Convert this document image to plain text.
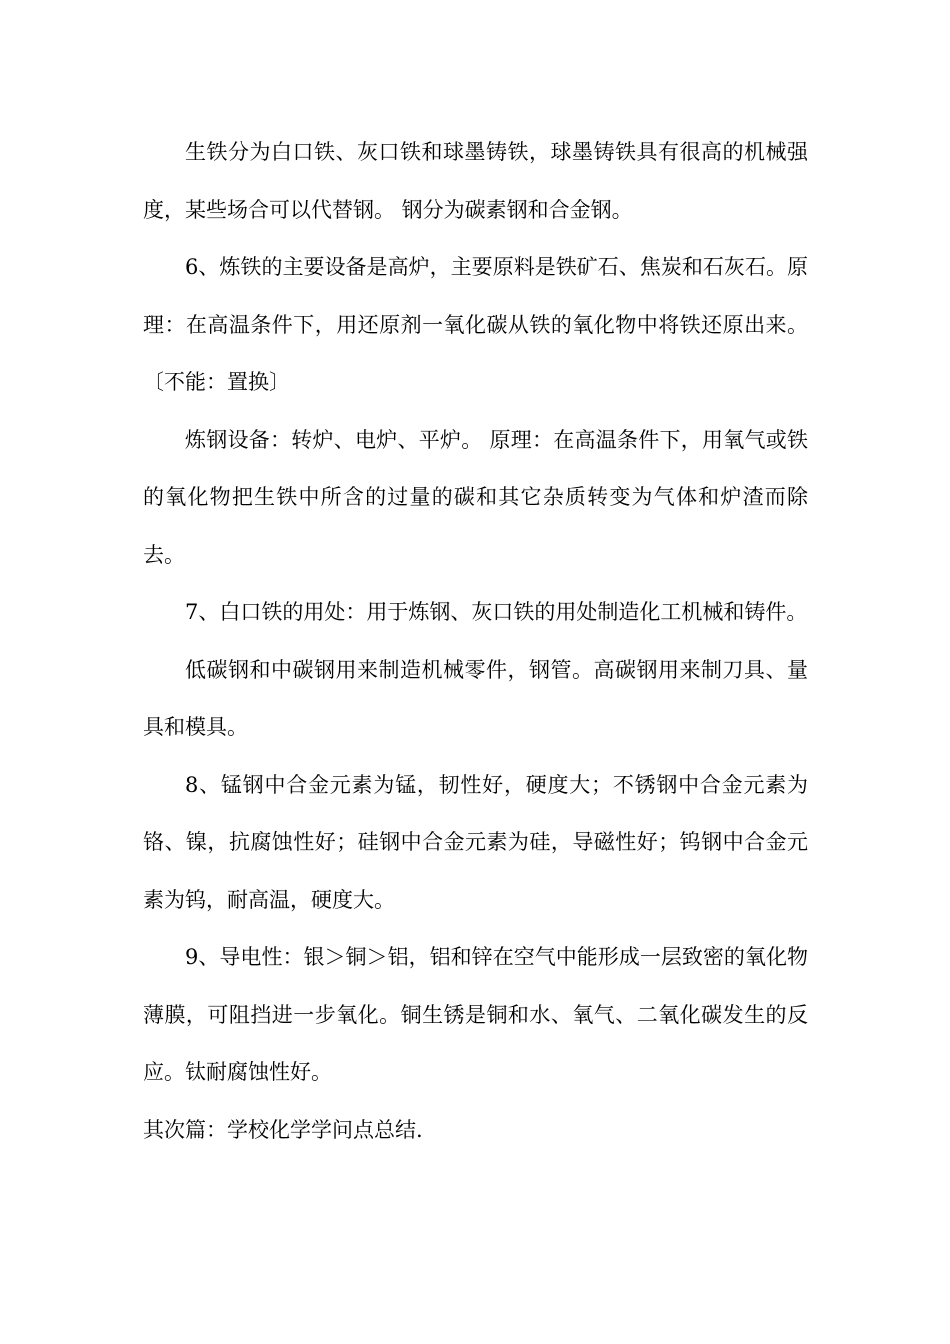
生铁分为白口铁、灰口铁和球墨铸铁，球墨铸铁具有很高的机械强度，某些场合可以代替钢。 钢分为碳素钢和合金钢。

6、炼铁的主要设备是高炉，主要原料是铁矿石、焦炭和石灰石。原理：在高温条件下，用还原剂一氧化碳从铁的氧化物中将铁还原出来。〔不能：置换〕

炼钢设备：转炉、电炉、平炉。 原理：在高温条件下，用氧气或铁的氧化物把生铁中所含的过量的碳和其它杂质转变为气体和炉渣而除去。

7、白口铁的用处：用于炼钢、灰口铁的用处制造化工机械和铸件。

低碳钢和中碳钢用来制造机械零件，钢管。高碳钢用来制刀具、量具和模具。

8、锰钢中合金元素为锰，韧性好，硬度大；不锈钢中合金元素为铬、镍，抗腐蚀性好；硅钢中合金元素为硅，导磁性好；钨钢中合金元素为钨，耐高温，硬度大。

9、导电性：银＞铜＞铝，铝和锌在空气中能形成一层致密的氧化物薄膜，可阻挡进一步氧化。铜生锈是铜和水、氧气、二氧化碳发生的反应。钛耐腐蚀性好。

其次篇：学校化学学问点总结.
